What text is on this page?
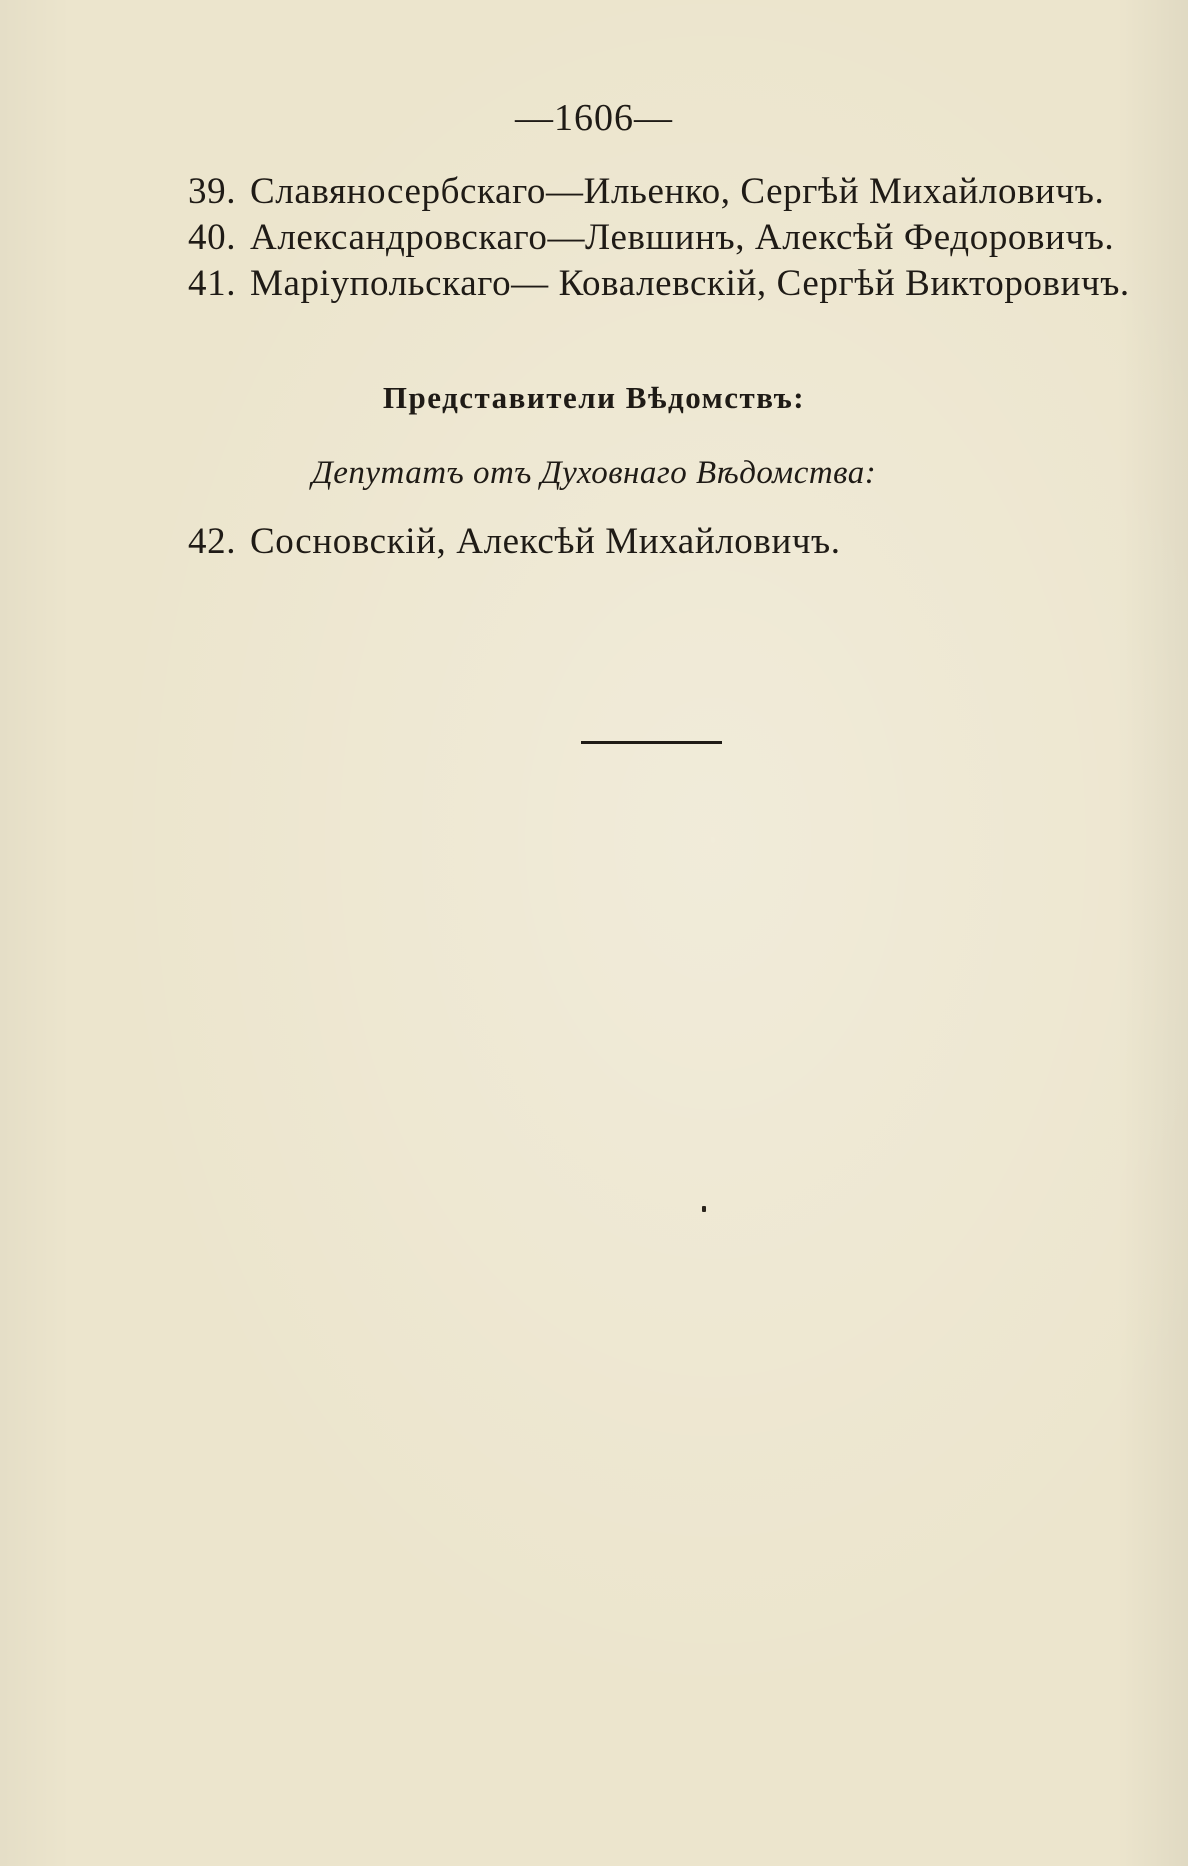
—1606—
39. Славяносербскаго—Ильенко, Сергѣй Михайловичъ.
40. Александровскаго—Левшинъ, Алексѣй Федоровичъ.
41. Маріупольскаго— Ковалевскій, Сергѣй Викторовичъ.
Представители Вѣдомствъ:
Депутатъ отъ Духовнаго Вѣдомства:
42. Сосновскій, Алексѣй Михайловичъ.
